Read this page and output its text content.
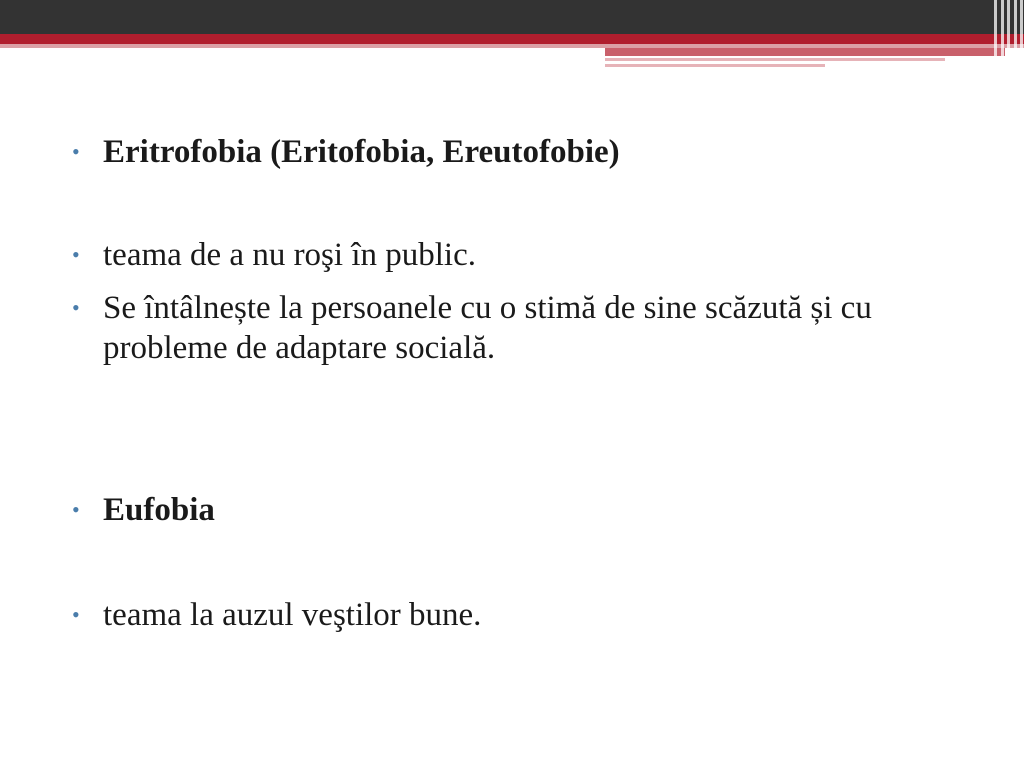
• Eritrofobia (Eritofobia, Ereutofobie)
• teama de a nu roşi în public.
• Se întâlnește la persoanele cu o stimă de sine scăzută și cu probleme de adaptare socială.
• Eufobia
• teama la auzul veştilor bune.
